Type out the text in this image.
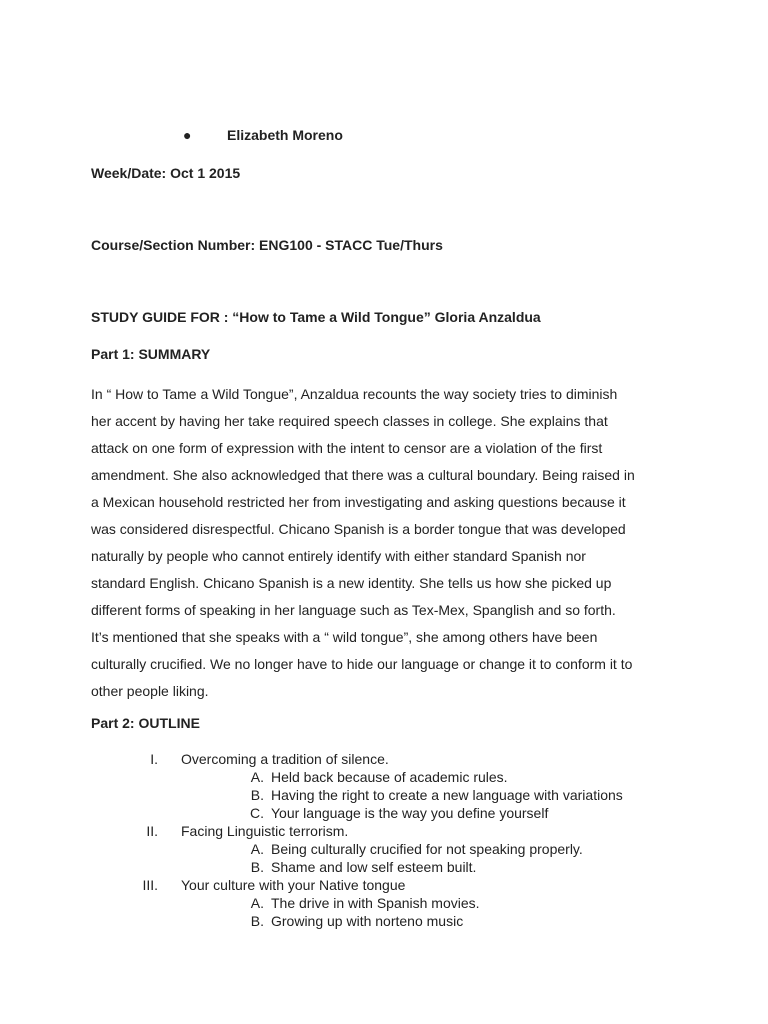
●	Elizabeth Moreno
Week/Date: Oct 1 2015
Course/Section Number: ENG100 - STACC Tue/Thurs
STUDY GUIDE FOR : “How to Tame a Wild Tongue” Gloria Anzaldua
Part 1: SUMMARY
In “ How to Tame a Wild Tongue”, Anzaldua recounts the way society tries to diminish
her accent by having her take required speech classes in college. She explains that
attack on one form of expression with the intent to censor are a violation of the first
amendment. She also acknowledged that there was a cultural boundary. Being raised in
a Mexican household restricted her from investigating and asking questions because it
was considered disrespectful. Chicano Spanish is a border tongue that was developed
naturally by people who cannot entirely identify with either standard Spanish nor
standard English. Chicano Spanish is a new identity. She tells us how she picked up
different forms of speaking in her language such as Tex-Mex, Spanglish and so forth.
It’s mentioned that she speaks with a “ wild tongue”, she among others have been
culturally crucified. We no longer have to hide our language or change it to conform it to
other people liking.
Part 2: OUTLINE
I. Overcoming a tradition of silence.
A. Held back because of academic rules.
B. Having the right to create a new language with variations
C. Your language is the way you define yourself
II. Facing Linguistic terrorism.
A. Being culturally crucified for not speaking properly.
B. Shame and low self esteem built.
III. Your culture with your Native tongue
A. The drive in with Spanish movies.
B. Growing up with norteno music
